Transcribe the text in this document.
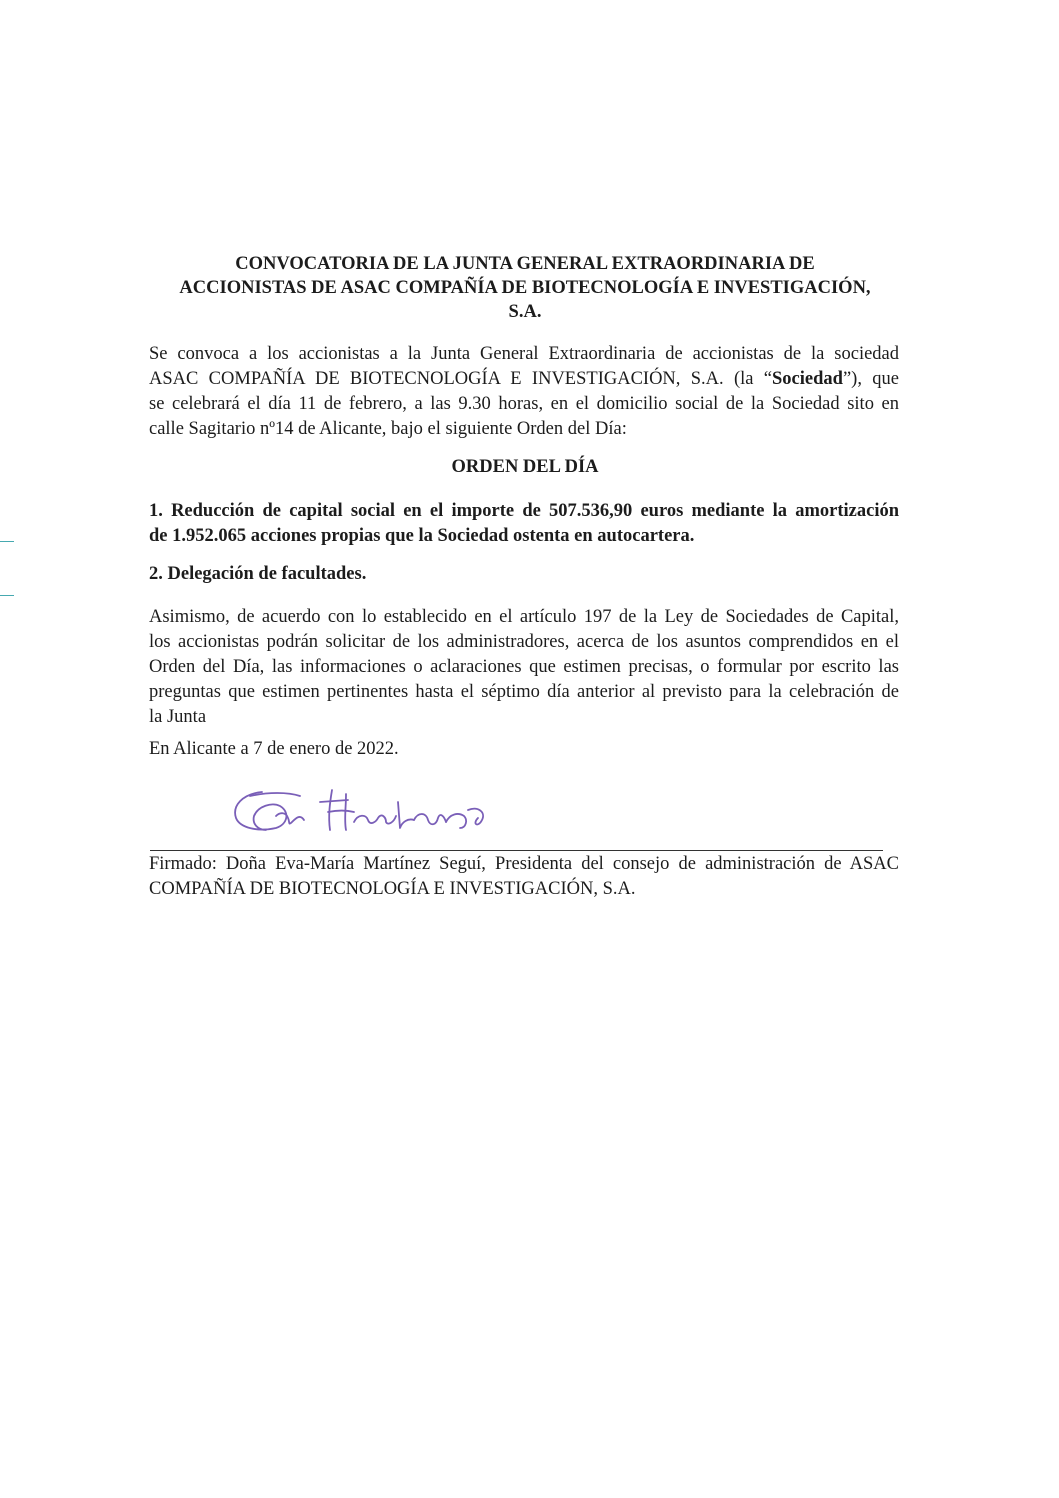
CONVOCATORIA DE LA JUNTA GENERAL EXTRAORDINARIA DE
ACCIONISTAS DE ASAC COMPAÑÍA DE BIOTECNOLOGÍA E INVESTIGACIÓN,
S.A.
Se convoca a los accionistas a la Junta General Extraordinaria de accionistas de la sociedad
ASAC COMPAÑÍA DE BIOTECNOLOGÍA E INVESTIGACIÓN, S.A. (la “Sociedad”), que
se celebrará el día 11 de febrero, a las 9.30 horas, en el domicilio social de la Sociedad sito en
calle Sagitario nº14 de Alicante, bajo el siguiente Orden del Día:
ORDEN DEL DÍA
1. Reducción de capital social en el importe de 507.536,90 euros mediante la amortización
de 1.952.065 acciones propias que la Sociedad ostenta en autocartera.
2. Delegación de facultades.
Asimismo, de acuerdo con lo establecido en el artículo 197 de la Ley de Sociedades de Capital,
los accionistas podrán solicitar de los administradores, acerca de los asuntos comprendidos en el
Orden del Día, las informaciones o aclaraciones que estimen precisas, o formular por escrito las
preguntas que estimen pertinentes hasta el séptimo día anterior al previsto para la celebración de
la Junta
En Alicante a 7 de enero de 2022.
Firmado: Doña Eva-María Martínez Seguí, Presidenta del consejo de administración de ASAC
COMPAÑÍA DE BIOTECNOLOGÍA E INVESTIGACIÓN, S.A.
